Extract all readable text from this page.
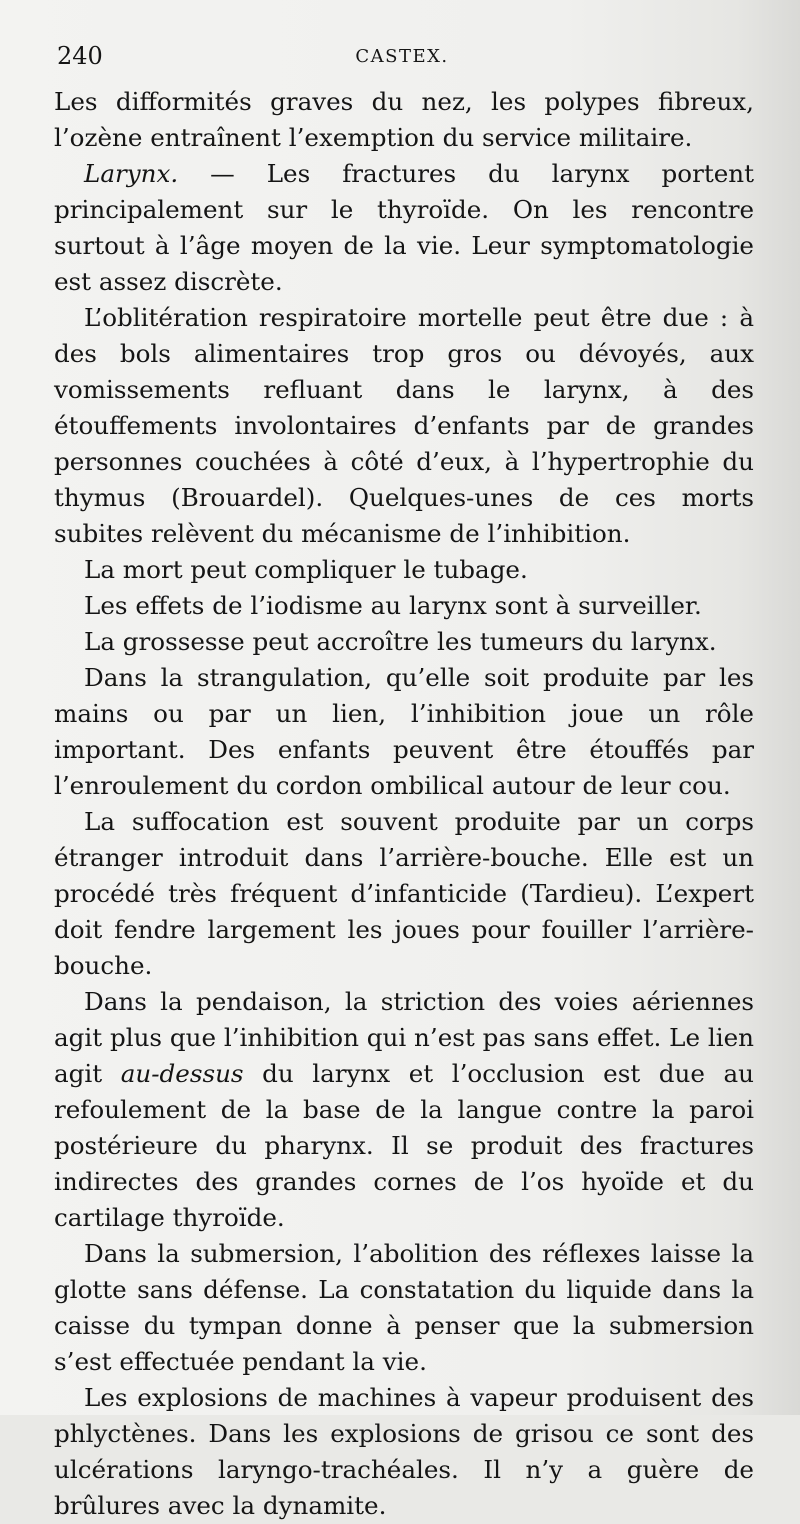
240	CASTEX.

Les difformités graves du nez, les polypes fibreux, l’ozène entraînent l’exemption du service militaire.

Larynx. — Les fractures du larynx portent principalement sur le thyroïde. On les rencontre surtout à l’âge moyen de la vie. Leur symptomatologie est assez discrète.

L’oblitération respiratoire mortelle peut être due : à des bols alimentaires trop gros ou dévoyés, aux vomissements refluant dans le larynx, à des étouffements involontaires d’enfants par de grandes personnes couchées à côté d’eux, à l’hypertrophie du thymus (Brouardel). Quelques-unes de ces morts subites relèvent du mécanisme de l’inhibition.

La mort peut compliquer le tubage.

Les effets de l’iodisme au larynx sont à surveiller.

La grossesse peut accroître les tumeurs du larynx.

Dans la strangulation, qu’elle soit produite par les mains ou par un lien, l’inhibition joue un rôle important. Des enfants peuvent être étouffés par l’enroulement du cordon ombilical autour de leur cou.

La suffocation est souvent produite par un corps étranger introduit dans l’arrière-bouche. Elle est un procédé très fréquent d’infanticide (Tardieu). L’expert doit fendre largement les joues pour fouiller l’arrière-bouche.

Dans la pendaison, la striction des voies aériennes agit plus que l’inhibition qui n’est pas sans effet. Le lien agit au-dessus du larynx et l’occlusion est due au refoulement de la base de la langue contre la paroi postérieure du pharynx. Il se produit des fractures indirectes des grandes cornes de l’os hyoïde et du cartilage thyroïde.

Dans la submersion, l’abolition des réflexes laisse la glotte sans défense. La constatation du liquide dans la caisse du tympan donne à penser que la submersion s’est effectuée pendant la vie.

Les explosions de machines à vapeur produisent des phlyctènes. Dans les explosions de grisou ce sont des ulcérations laryngo-trachéales. Il n’y a guère de brûlures avec la dynamite.
